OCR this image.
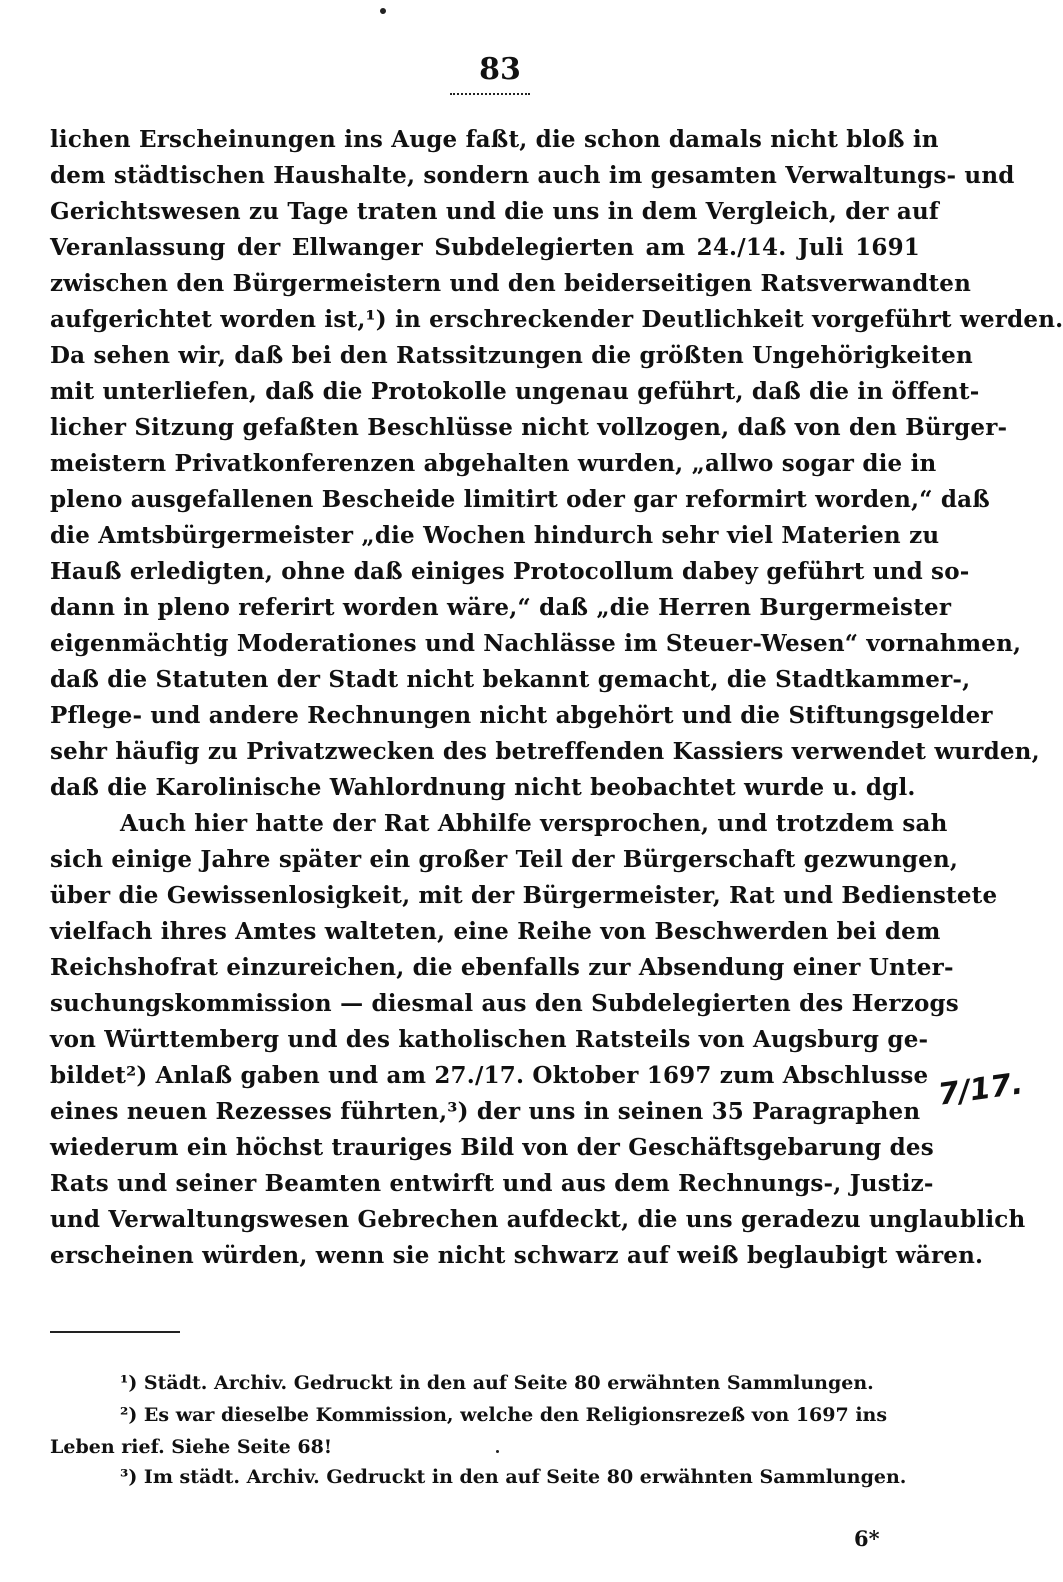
83
lichen Erscheinungen ins Auge faßt, die schon damals nicht bloß in
dem städtischen Haushalte, sondern auch im gesamten Verwaltungs- und
Gerichtswesen zu Tage traten und die uns in dem Vergleich, der auf
Veranlassung der Ellwanger Subdelegierten am 24./14. Juli 1691
zwischen den Bürgermeistern und den beiderseitigen Ratsverwandten
aufgerichtet worden ist,¹) in erschreckender Deutlichkeit vorgeführt werden.
Da sehen wir, daß bei den Ratssitzungen die größten Ungehörigkeiten
mit unterliefen, daß die Protokolle ungenau geführt, daß die in öffent-
licher Sitzung gefaßten Beschlüsse nicht vollzogen, daß von den Bürger-
meistern Privatkonferenzen abgehalten wurden, „allwo sogar die in
pleno ausgefallenen Bescheide limitirt oder gar reformirt worden,“ daß
die Amtsbürgermeister „die Wochen hindurch sehr viel Materien zu
Hauß erledigten, ohne daß einiges Protocollum dabey geführt und so-
dann in pleno referirt worden wäre,“ daß „die Herren Burgermeister
eigenmächtig Moderationes und Nachlässe im Steuer-Wesen“ vornahmen,
daß die Statuten der Stadt nicht bekannt gemacht, die Stadtkammer-,
Pflege- und andere Rechnungen nicht abgehört und die Stiftungsgelder
sehr häufig zu Privatzwecken des betreffenden Kassiers verwendet wurden,
daß die Karolinische Wahlordnung nicht beobachtet wurde u. dgl.
Auch hier hatte der Rat Abhilfe versprochen, und trotzdem sah
sich einige Jahre später ein großer Teil der Bürgerschaft gezwungen,
über die Gewissenlosigkeit, mit der Bürgermeister, Rat und Bedienstete
vielfach ihres Amtes walteten, eine Reihe von Beschwerden bei dem
Reichshofrat einzureichen, die ebenfalls zur Absendung einer Unter-
suchungskommission — diesmal aus den Subdelegierten des Herzogs
von Württemberg und des katholischen Ratsteils von Augsburg ge-
bildet²) Anlaß gaben und am 27./17. Oktober 1697 zum Abschlusse
eines neuen Rezesses führten,³) der uns in seinen 35 Paragraphen
wiederum ein höchst trauriges Bild von der Geschäftsgebarung des
Rats und seiner Beamten entwirft und aus dem Rechnungs-, Justiz-
und Verwaltungswesen Gebrechen aufdeckt, die uns geradezu unglaublich
erscheinen würden, wenn sie nicht schwarz auf weiß beglaubigt wären.
7/17.
¹) Städt. Archiv. Gedruckt in den auf Seite 80 erwähnten Sammlungen.
²) Es war dieselbe Kommission, welche den Religionsrezeß von 1697 ins
Leben rief. Siehe Seite 68!
³) Im städt. Archiv. Gedruckt in den auf Seite 80 erwähnten Sammlungen.
6*
